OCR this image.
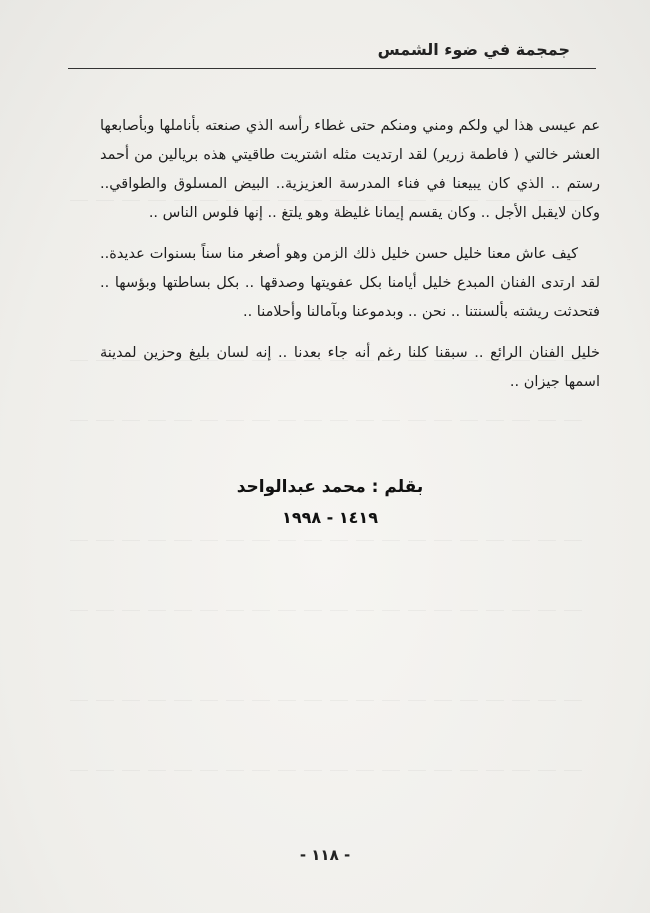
جمجمة في ضوء الشمس

عم عيسى هذا لي ولكم ومني ومنكم حتى غطاء رأسه الذي صنعته بأناملها وبأصابعها العشر خالتي ( فاطمة زرير) لقد ارتديت مثله اشتريت طاقيتي هذه بريالين من أحمد رستم .. الذي كان يبيعنا في فناء المدرسة العزيزية.. البيض المسلوق والطواقي.. وكان لايقبل الأجل .. وكان يقسم إيمانا غليظة وهو يلتغ .. إنها فلوس الناس ..

كيف عاش معنا خليل حسن خليل ذلك الزمن وهو أصغر منا سناً بسنوات عديدة.. لقد ارتدى الفنان المبدع خليل أيامنا بكل عفويتها وصدقها .. بكل بساطتها وبؤسها .. فتحدثت ريشته بألسنتنا .. نحن .. وبدموعنا وبآمالنا وأحلامنا ..

خليل الفنان الرائع .. سبقنا كلنا رغم أنه جاء بعدنا .. إنه لسان بليغ وحزين لمدينة اسمها جيزان ..

بقلم : محمد عبدالواحد
١٤١٩ - ١٩٩٨
- ١١٨ -
